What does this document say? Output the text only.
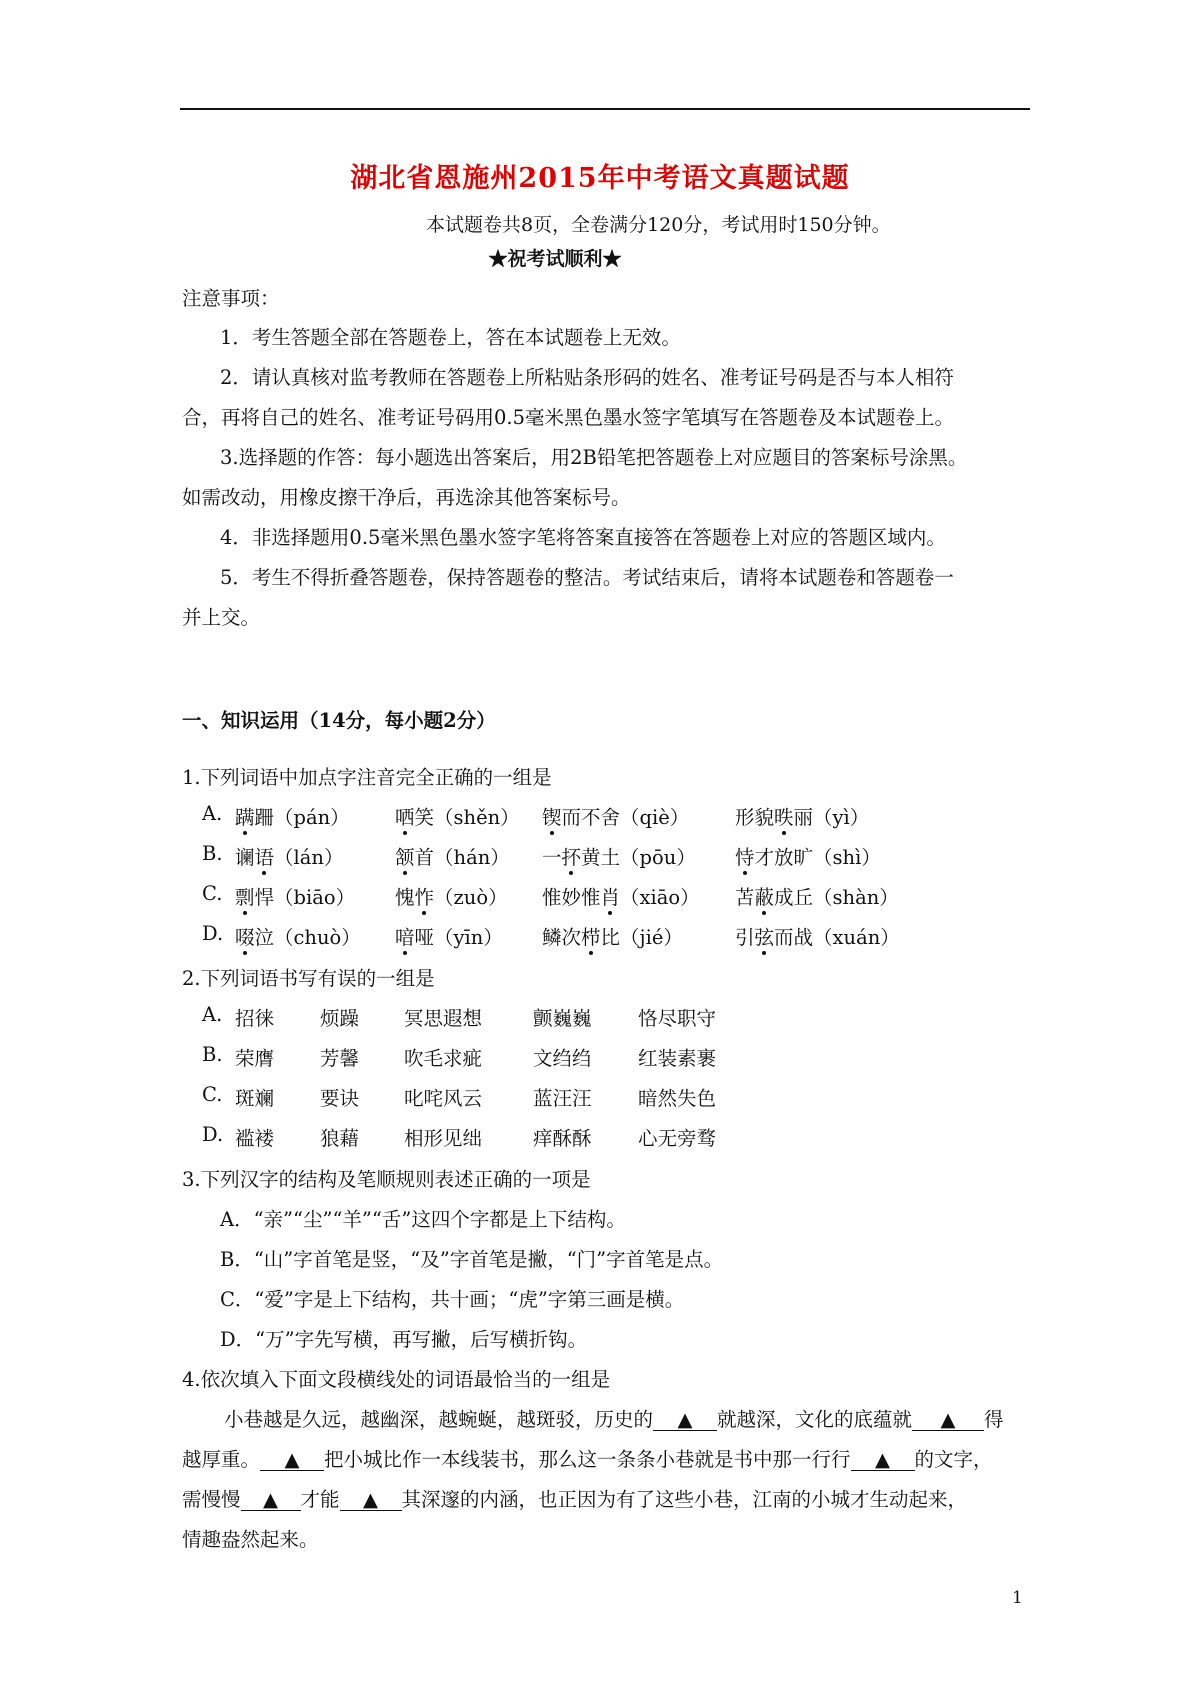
湖北省恩施州2015年中考语文真题试题
本试题卷共8页，全卷满分120分，考试用时150分钟。
★祝考试顺利★
注意事项：
1．考生答题全部在答题卷上，答在本试题卷上无效。
2．请认真核对监考教师在答题卷上所粘贴条形码的姓名、准考证号码是否与本人相符
合，再将自己的姓名、准考证号码用0.5毫米黑色墨水签字笔填写在答题卷及本试题卷上。
3.选择题的作答：每小题选出答案后，用2B铅笔把答题卷上对应题目的答案标号涂黑。
如需改动，用橡皮擦干净后，再选涂其他答案标号。
4．非选择题用0.5毫米黑色墨水签字笔将答案直接答在答题卷上对应的答题区域内。
5．考生不得折叠答题卷，保持答题卷的整洁。考试结束后，请将本试题卷和答题卷一
并上交。
一、知识运用（14分，每小题2分）
1.下列词语中加点字注音完全正确的一组是
A. 蹒跚（pán） 哂笑（shěn） 锲而不舍（qiè） 形貌昳丽（yì）
B. 谰语（lán）	颔首（hán） 一抔黄土（pōu） 恃才放旷（shì）
C. 剽悍（biāo） 愧怍（zuò） 惟妙惟肖（xiāo） 苫蔽成丘（shàn）
D. 啜泣（chuò） 喑哑（yīn） 鳞次栉比（jié）	引弦而战（xuán）
2.下列词语书写有误的一组是
A. 招徕 烦躁 冥思遐想	颤巍巍 恪尽职守
B. 荣膺 芳馨 吹毛求疵	文绉绉 红装素裹
C. 斑斓 要诀 叱咤风云	蓝汪汪 暗然失色
D. 褴褛 狼藉 相形见绌	痒酥酥 心无旁骛
3.下列汉字的结构及笔顺规则表述正确的一项是
A．“亲”“尘”“羊”“舌”这四个字都是上下结构。
B．“山”字首笔是竖，“及”字首笔是撇，“门”字首笔是点。
C．“爱”字是上下结构，共十画；“虎”字第三画是横。
D．“万”字先写横，再写撇，后写横折钩。
4.依次填入下面文段横线处的词语最恰当的一组是
小巷越是久远，越幽深，越蜿蜒，越斑驳，历史的 ▲ 就越深，文化的底蕴就 ▲ 得
越厚重。 ▲ 把小城比作一本线装书，那么这一条条小巷就是书中那一行行 ▲ 的文字，
需慢慢 ▲ 才能 ▲ 其深邃的内涵，也正因为有了这些小巷，江南的小城才生动起来，
情趣盎然起来。
1
